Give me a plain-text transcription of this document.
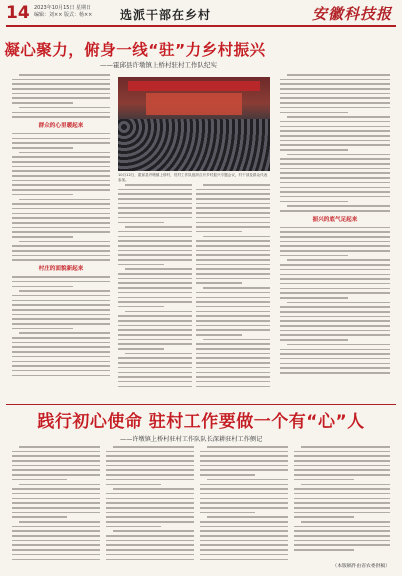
14 2023年10月15日 星期日
编辑：刘×× 版式：杨×× 选派干部在乡村	安徽科技报
凝心聚力，俯身一线“驻”力乡村振兴
——霍邱县许墩镇上桥村驻村工作队纪实
群众的心里暖起来
村庄的面貌新起来
振兴的底气足起来
10月12日，霍邱县许墩镇上桥村，驻村工作队组织召开乡村振兴专题会议，村干部及群众代表参加。
践行初心使命 驻村工作要做一个有“心”人
——许墩镇上桥村驻村工作队队长深耕驻村工作侧记
（本版稿件由省农委供稿）
